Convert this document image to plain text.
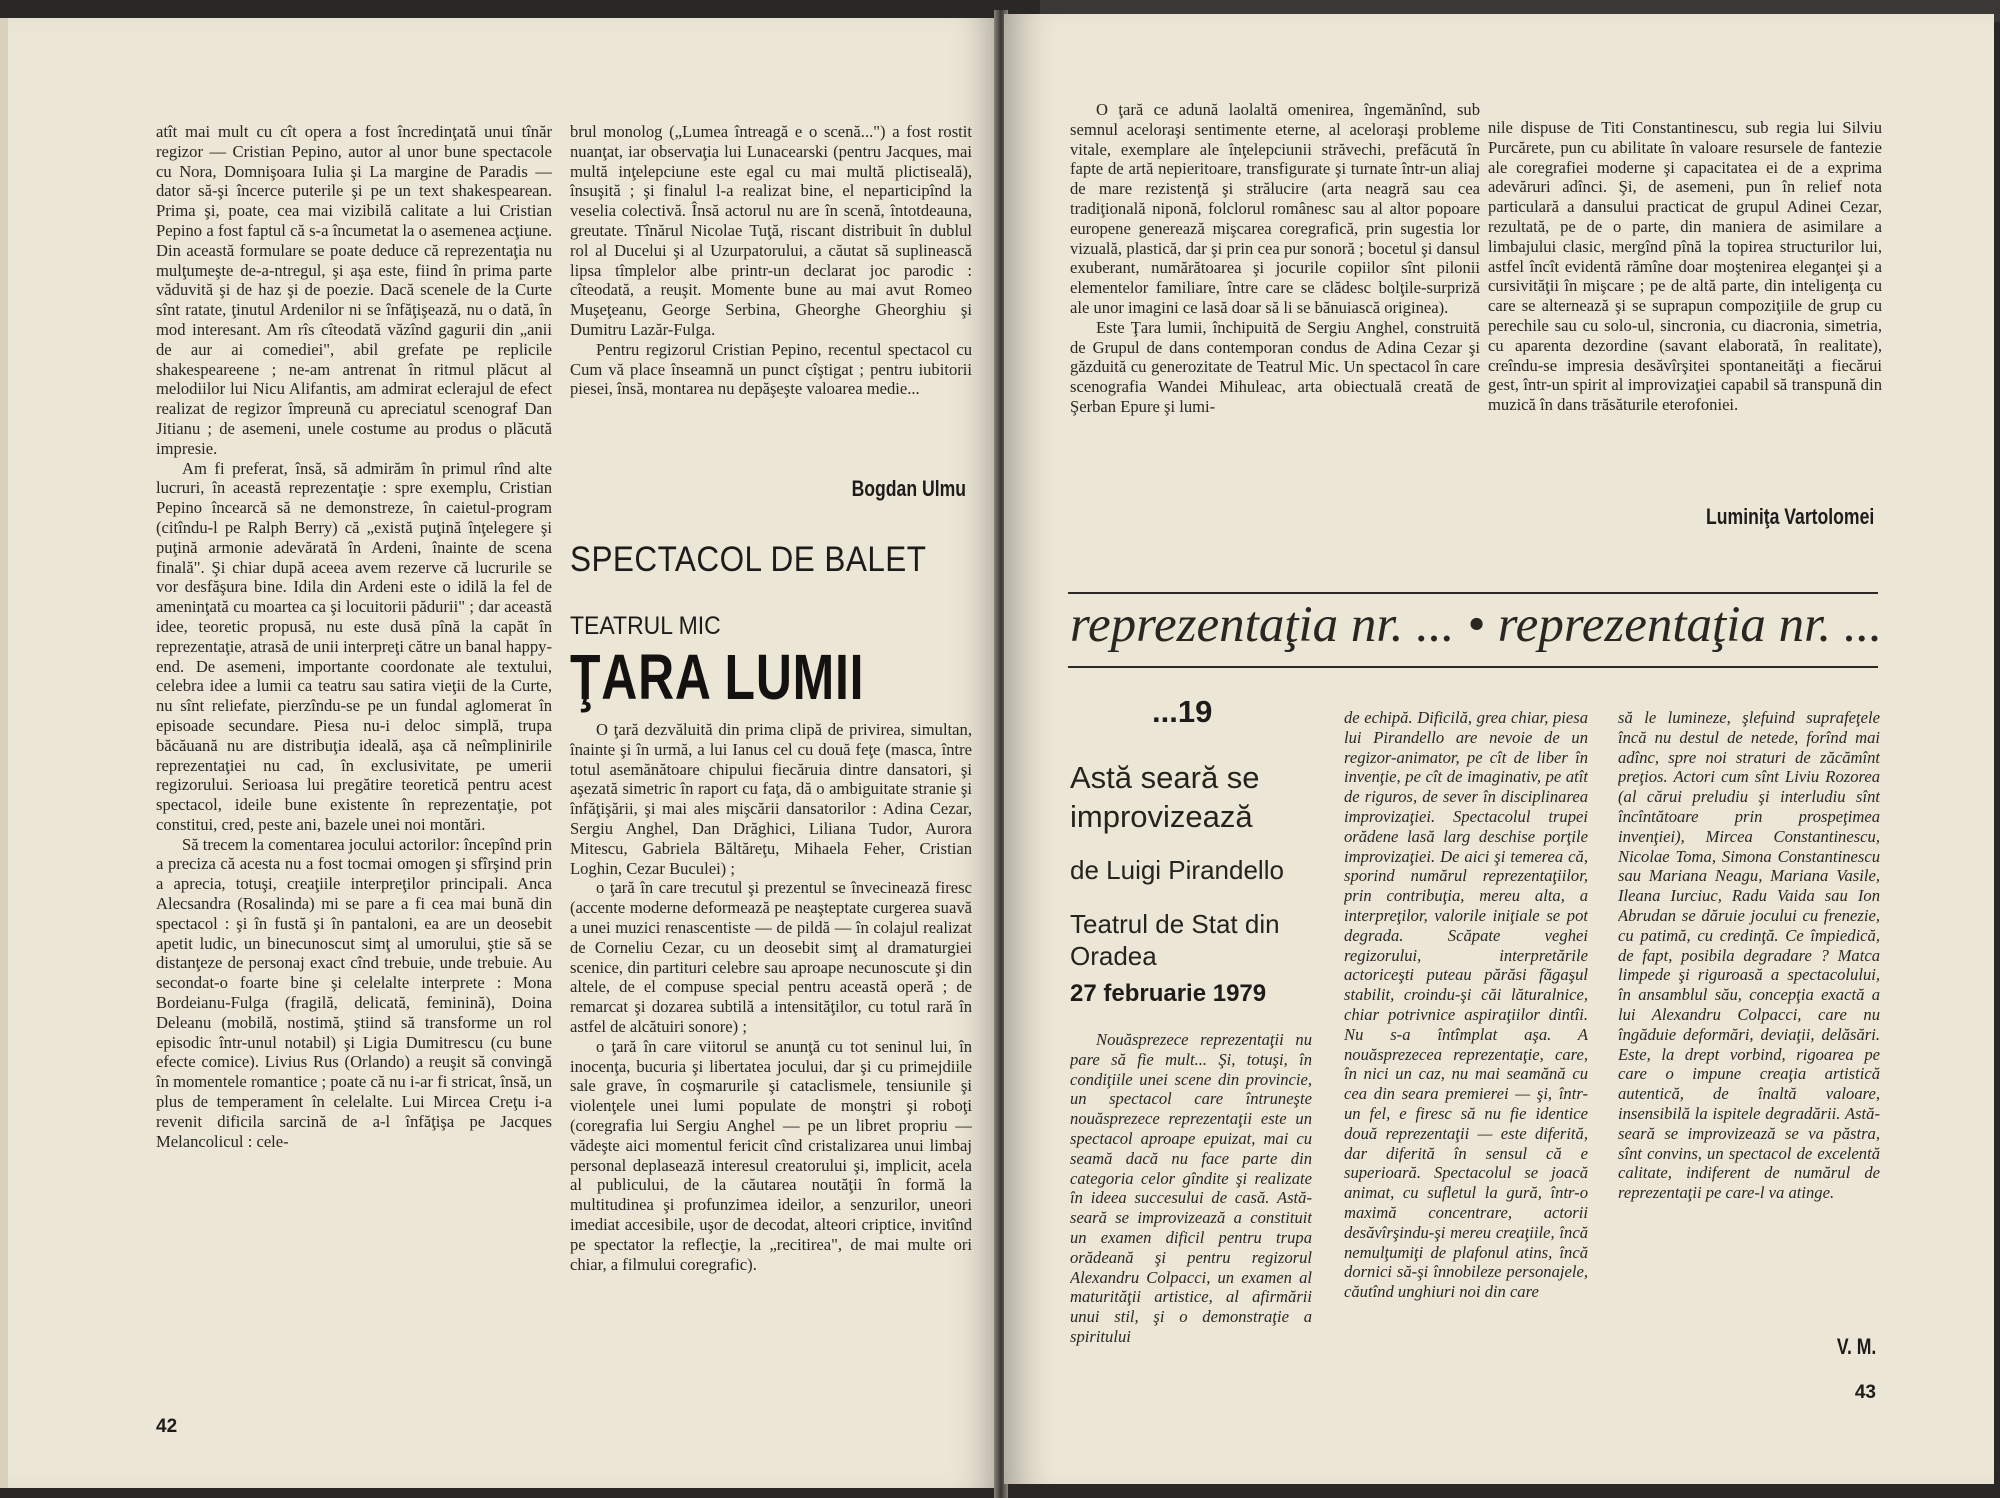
atît mai mult cu cît opera a fost încredinţată unui tînăr regizor — Cristian Pepino, autor al unor bune spectacole cu Nora, Domnişoara Iulia şi La margine de Paradis — dator să-şi încerce puterile şi pe un text shakespearean. Prima şi, poate, cea mai vizibilă calitate a lui Cristian Pepino a fost faptul că s-a încumetat la o asemenea acţiune. Din această formulare se poate deduce că reprezentaţia nu mulţumeşte de-a-ntregul, şi aşa este, fiind în prima parte văduvită şi de haz şi de poezie. Dacă scenele de la Curte sînt ratate, ţinutul Ardenilor ni se înfăţişează, nu o dată, în mod interesant. Am rîs cîteodată văzînd gagurii din „anii de aur ai comediei", abil grefate pe replicile shakespeareene ; ne-am antrenat în ritmul plăcut al melodiilor lui Nicu Alifantis, am admirat eclerajul de efect realizat de regizor împreună cu apreciatul scenograf Dan Jitianu ; de asemeni, unele costume au produs o plăcută impresie.

Am fi preferat, însă, să admirăm în primul rînd alte lucruri, în această reprezentaţie : spre exemplu, Cristian Pepino încearcă să ne demonstreze, în caietul-program (citîndu-l pe Ralph Berry) că „există puţină înţelegere şi puţină armonie adevărată în Ardeni, înainte de scena finală". Şi chiar după aceea avem rezerve că lucrurile se vor desfăşura bine. Idila din Ardeni este o idilă la fel de ameninţată cu moartea ca şi locuitorii pădurii" ; dar această idee, teoretic propusă, nu este dusă pînă la capăt în reprezentaţie, atrasă de unii interpreţi către un banal happy-end. De asemeni, importante coordonate ale textului, celebra idee a lumii ca teatru sau satira vieţii de la Curte, nu sînt reliefate, pierzîndu-se pe un fundal aglomerat în episoade secundare. Piesa nu-i deloc simplă, trupa băcăuană nu are distribuţia ideală, aşa că neîmplinirile reprezentaţiei nu cad, în exclusivitate, pe umerii regizorului. Serioasa lui pregătire teoretică pentru acest spectacol, ideile bune existente în reprezentaţie, pot constitui, cred, peste ani, bazele unei noi montări.

Să trecem la comentarea jocului actorilor: începînd prin a preciza că acesta nu a fost tocmai omogen şi sfîrşind prin a aprecia, totuşi, creaţiile interpreţilor principali. Anca Alecsandra (Rosalinda) mi se pare a fi cea mai bună din spectacol : şi în fustă şi în pantaloni, ea are un deosebit apetit ludic, un binecunoscut simţ al umorului, ştie să se distanţeze de personaj exact cînd trebuie, unde trebuie. Au secondat-o foarte bine şi celelalte interprete : Mona Bordeianu-Fulga (fragilă, delicată, feminină), Doina Deleanu (mobilă, nostimă, ştiind să transforme un rol episodic într-unul notabil) şi Ligia Dumitrescu (cu bune efecte comice). Livius Rus (Orlando) a reuşit să convingă în momentele romantice ; poate că nu i-ar fi stricat, însă, un plus de temperament în celelalte. Lui Mircea Creţu i-a revenit dificila sarcină de a-l înfăţişa pe Jacques Melancolicul : cele-

brul monolog („Lumea întreagă e o scenă...") a fost rostit nuanţat, iar observaţia lui Lunacearski (pentru Jacques, mai multă inţelepciune este egal cu mai multă plictiseală), însuşită ; şi finalul l-a realizat bine, el neparticipînd la veselia colectivă. Însă actorul nu are în scenă, întotdeauna, greutate. Tînărul Nicolae Tuţă, riscant distribuit în dublul rol al Ducelui şi al Uzurpatorului, a căutat să suplinească lipsa tîmplelor albe printr-un declarat joc parodic : cîteodată, a reuşit. Momente bune au mai avut Romeo Muşeţeanu, George Serbina, Gheorghe Gheorghiu şi Dumitru Lazăr-Fulga.

Pentru regizorul Cristian Pepino, recentul spectacol cu Cum vă place înseamnă un punct cîştigat ; pentru iubitorii piesei, însă, montarea nu depăşeşte valoarea medie...

Bogdan Ulmu
SPECTACOL DE BALET
TEATRUL MIC
ŢARA LUMII

O ţară dezvăluită din prima clipă de privirea, simultan, înainte şi în urmă, a lui Ianus cel cu două feţe (masca, între totul asemănătoare chipului fiecăruia dintre dansatori, şi aşezată simetric în raport cu faţa, dă o ambiguitate stranie şi înfăţişării, şi mai ales mişcării dansatorilor : Adina Cezar, Sergiu Anghel, Dan Drăghici, Liliana Tudor, Aurora Mitescu, Gabriela Băltăreţu, Mihaela Feher, Cristian Loghin, Cezar Buculei) ;

o ţară în care trecutul şi prezentul se învecinează firesc (accente moderne deformează pe neaşteptate curgerea suavă a unei muzici renascentiste — de pildă — în colajul realizat de Corneliu Cezar, cu un deosebit simţ al dramaturgiei scenice, din partituri celebre sau aproape necunoscute şi din altele, de el compuse special pentru această operă ; de remarcat şi dozarea subtilă a intensităţilor, cu totul rară în astfel de alcătuiri sonore) ;

o ţară în care viitorul se anunţă cu tot seninul lui, în inocenţa, bucuria şi libertatea jocului, dar şi cu primejdiile sale grave, în coşmarurile şi cataclismele, tensiunile şi violenţele unei lumi populate de monştri şi roboţi (coregrafia lui Sergiu Anghel — pe un libret propriu — vădeşte aici momentul fericit cînd cristalizarea unui limbaj personal deplasează interesul creatorului şi, implicit, acela al publicului, de la căutarea noutăţii în formă la multitudinea şi profunzimea ideilor, a senzurilor, uneori imediat accesibile, uşor de decodat, alteori criptice, invitînd pe spectator la reflecţie, la „recitirea", de mai multe ori chiar, a filmului coregrafic).

42

O ţară ce adună laolaltă omenirea, îngemănînd, sub semnul aceloraşi sentimente eterne, al aceloraşi probleme vitale, exemplare ale înţelepciunii străvechi, prefăcută în fapte de artă nepieritoare, transfigurate şi turnate într-un aliaj de mare rezistenţă şi strălucire (arta neagră sau cea tradiţională niponă, folclorul românesc sau al altor popoare europene generează mişcarea coregrafică, prin sugestia lor vizuală, plastică, dar şi prin cea pur sonoră ; bocetul şi dansul exuberant, numărătoarea şi jocurile copiilor sînt pilonii elementelor familiare, între care se clădesc bolţile-surpriză ale unor imagini ce lasă doar să li se bănuiască originea).

Este Ţara lumii, închipuită de Sergiu Anghel, construită de Grupul de dans contemporan condus de Adina Cezar şi găzduită cu generozitate de Teatrul Mic. Un spectacol în care scenografia Wandei Mihuleac, arta obiectuală creată de Şerban Epure şi lumi-

nile dispuse de Titi Constantinescu, sub regia lui Silviu Purcărete, pun cu abilitate în valoare resursele de fantezie ale coregrafiei moderne şi capacitatea ei de a exprima adevăruri adînci. Şi, de asemeni, pun în relief nota particulară a dansului practicat de grupul Adinei Cezar, rezultată, pe de o parte, din maniera de asimilare a limbajului clasic, mergînd pînă la topirea structurilor lui, astfel încît evidentă rămîne doar moştenirea eleganţei şi a cursivităţii în mişcare ; pe de altă parte, din inteligenţa cu care se alternează şi se suprapun compoziţiile de grup cu perechile sau cu solo-ul, sincronia, cu diacronia, simetria, cu aparenta dezordine (savant elaborată, în realitate), creîndu-se impresia desăvîrşitei spontaneităţi a fiecărui gest, într-un spirit al improvizaţiei capabil să transpună din muzică în dans trăsăturile eterofoniei.

Luminiţa Vartolomei
reprezentaţia nr. ... • reprezentaţia nr. ...
...19
Astă seară se improvizează
de Luigi Pirandello
Teatrul de Stat din Oradea
27 februarie 1979

Nouăsprezece reprezentaţii nu pare să fie mult... Şi, totuşi, în condiţiile unei scene din provincie, un spectacol care întruneşte nouăsprezece reprezentaţii este un spectacol aproape epuizat, mai cu seamă dacă nu face parte din categoria celor gîndite şi realizate în ideea succesului de casă. Astă-seară se improvizează a constituit un examen dificil pentru trupa orădeană şi pentru regizorul Alexandru Colpacci, un examen al maturităţii artistice, al afirmării unui stil, şi o demonstraţie a spiritului

de echipă. Dificilă, grea chiar, piesa lui Pirandello are nevoie de un regizor-animator, pe cît de liber în invenţie, pe cît de imaginativ, pe atît de riguros, de sever în disciplinarea improvizaţiei. Spectacolul trupei orădene lasă larg deschise porţile improvizaţiei. De aici şi temerea că, sporind numărul reprezentaţiilor, prin contribuţia, mereu alta, a interpreţilor, valorile iniţiale se pot degrada. Scăpate veghei regizorului, interpretările actoriceşti puteau părăsi făgaşul stabilit, croindu-şi căi lăturalnice, chiar potrivnice aspiraţiilor dintîi. Nu s-a întîmplat aşa. A nouăsprezecea reprezentaţie, care, în nici un caz, nu mai seamănă cu cea din seara premierei — şi, într-un fel, e firesc să nu fie identice două reprezentaţii — este diferită, dar diferită în sensul că e superioară. Spectacolul se joacă animat, cu sufletul la gură, într-o maximă concentrare, actorii desăvîrşindu-şi mereu creaţiile, încă nemulţumiţi de plafonul atins, încă dornici să-şi înnobileze personajele, căutînd unghiuri noi din care

să le lumineze, şlefuind suprafeţele încă nu destul de netede, forînd mai adînc, spre noi straturi de zăcămînt preţios. Actori cum sînt Liviu Rozorea (al cărui preludiu şi interludiu sînt încîntătoare prin prospeţimea invenţiei), Mircea Constantinescu, Nicolae Toma, Simona Constantinescu sau Mariana Neagu, Mariana Vasile, Ileana Iurciuc, Radu Vaida sau Ion Abrudan se dăruie jocului cu frenezie, cu patimă, cu credinţă. Ce împiedică, de fapt, posibila degradare ? Matca limpede şi riguroasă a spectacolului, în ansamblul său, concepţia exactă a lui Alexandru Colpacci, care nu îngăduie deformări, deviaţii, delăsări. Este, la drept vorbind, rigoarea pe care o impune creaţia artistică autentică, de înaltă valoare, insensibilă la ispitele degradării. Astă-seară se improvizează se va păstra, sînt convins, un spectacol de excelentă calitate, indiferent de numărul de reprezentaţii pe care-l va atinge.

V. M.
43
